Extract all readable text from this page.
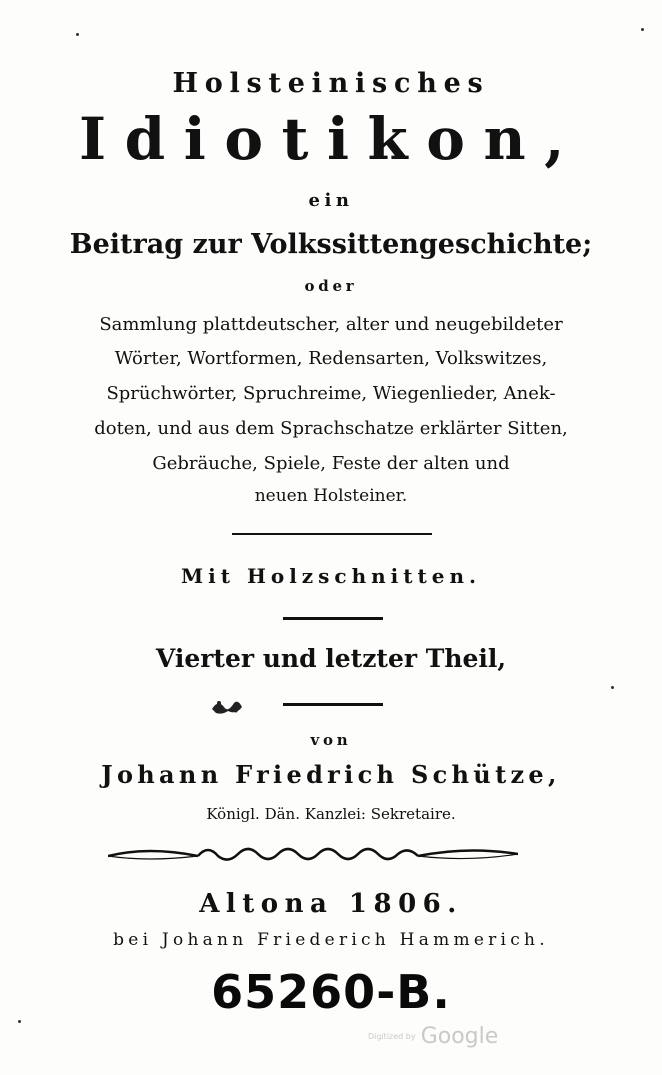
Holsteinisches
Idiotikon,
ein
Beitrag zur Volkssittengeschichte;
oder
Sammlung plattdeutscher, alter und neugebildeter
Wörter, Wortformen, Redensarten, Volkswitzes,
Sprüchwörter, Spruchreime, Wiegenlieder, Anek-
doten, und aus dem Sprachschatze erklärter Sitten,
Gebräuche, Spiele, Feste der alten und
neuen Holsteiner.
Mit Holzschnitten.
Vierter und letzter Theil,
von
Johann Friedrich Schütze,
Königl. Dän. Kanzlei: Sekretaire.
Altona 1806.
bei Johann Friederich Hammerich.
65260-B.
Digitized by Google
